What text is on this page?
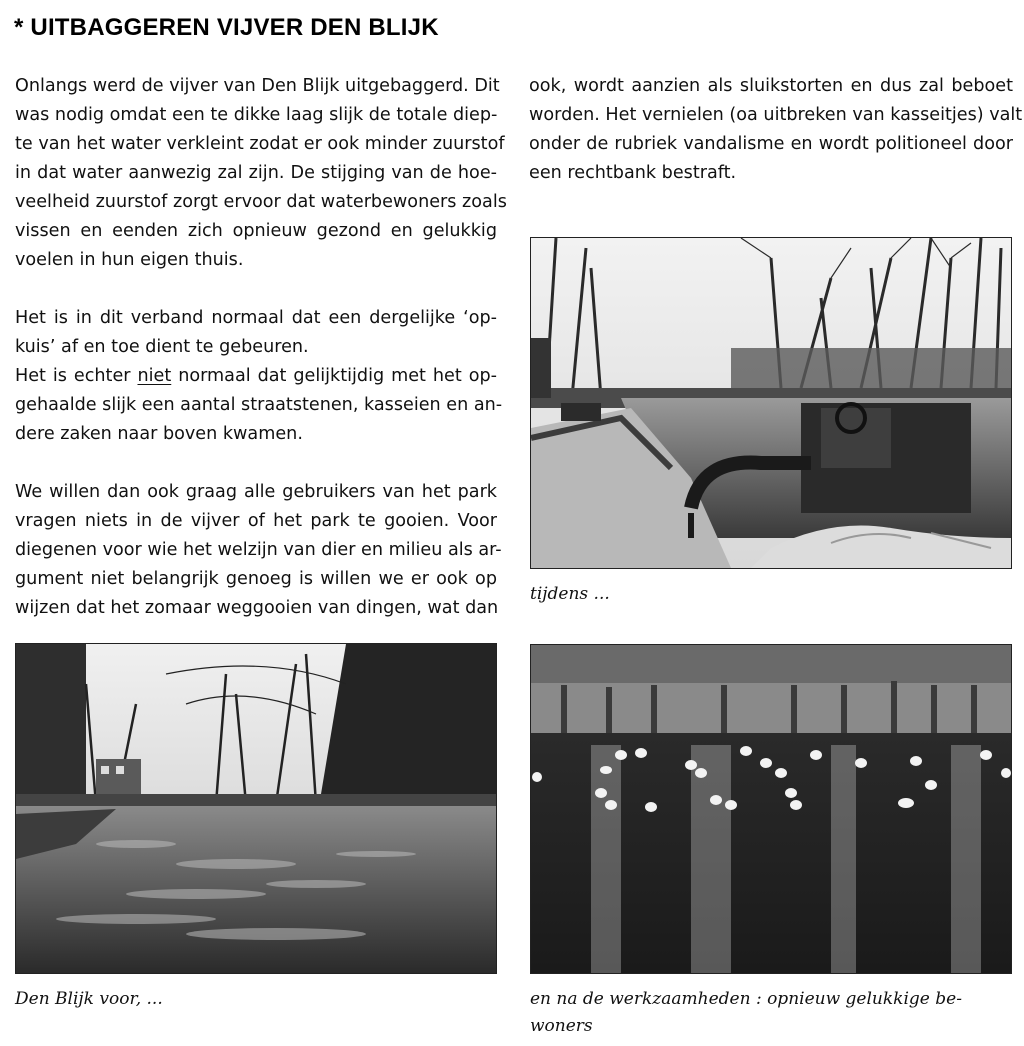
* UITBAGGEREN VIJVER DEN BLIJK

Onlangs werd de vijver van Den Blijk uitgebaggerd. Dit
was nodig omdat een te dikke laag slijk de totale diep-
te van het water verkleint zodat er ook minder zuurstof
in dat water aanwezig zal zijn. De stijging van de hoe-
veelheid zuurstof zorgt ervoor dat waterbewoners zoals
vissen en eenden zich opnieuw gezond en gelukkig
voelen in hun eigen thuis.

Het is in dit verband normaal dat een dergelijke ‘op-
kuis’ af en toe dient te gebeuren.

Het is echter niet normaal dat gelijktijdig met het op-
gehaalde slijk een aantal straatstenen, kasseien en an-
dere zaken naar boven kwamen.

We willen dan ook graag alle gebruikers van het park
vragen niets in de vijver of het park te gooien. Voor
diegenen voor wie het welzijn van dier en milieu als ar-
gument niet belangrijk genoeg is willen we er ook op
wijzen dat het zomaar weggooien van dingen, wat dan

ook, wordt aanzien als sluikstorten en dus zal beboet
worden. Het vernielen (oa uitbreken van kasseitjes) valt
onder de rubriek vandalisme en wordt politioneel door
een rechtbank bestraft.

tijdens ...
Den Blijk voor, ...	en na de werkzaamheden : opnieuw gelukkige be-
woners
